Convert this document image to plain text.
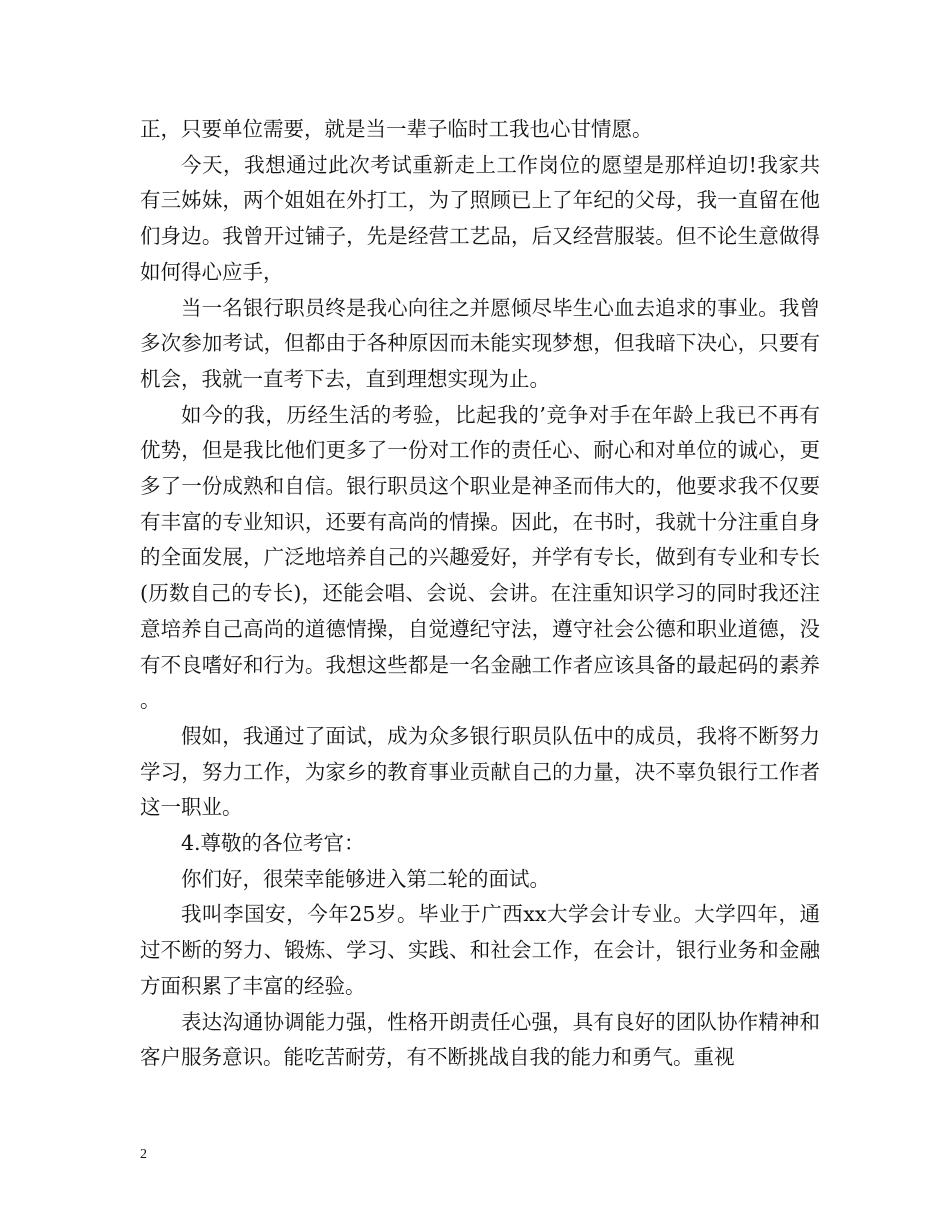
正，只要单位需要，就是当一辈子临时工我也心甘情愿。

今天，我想通过此次考试重新走上工作岗位的愿望是那样迫切!我家共有三姊妹，两个姐姐在外打工，为了照顾已上了年纪的父母，我一直留在他们身边。我曾开过铺子，先是经营工艺品，后又经营服装。但不论生意做得如何得心应手，

当一名银行职员终是我心向往之并愿倾尽毕生心血去追求的事业。我曾多次参加考试，但都由于各种原因而未能实现梦想，但我暗下决心，只要有机会，我就一直考下去，直到理想实现为止。

如今的我，历经生活的考验，比起我的’竞争对手在年龄上我已不再有优势，但是我比他们更多了一份对工作的责任心、耐心和对单位的诚心，更多了一份成熟和自信。银行职员这个职业是神圣而伟大的，他要求我不仅要有丰富的专业知识，还要有高尚的情操。因此，在书时，我就十分注重自身的全面发展，广泛地培养自己的兴趣爱好，并学有专长，做到有专业和专长(历数自己的专长)，还能会唱、会说、会讲。在注重知识学习的同时我还注意培养自己高尚的道德情操，自觉遵纪守法，遵守社会公德和职业道德，没有不良嗜好和行为。我想这些都是一名金融工作者应该具备的最起码的素养。

假如，我通过了面试，成为众多银行职员队伍中的成员，我将不断努力学习，努力工作，为家乡的教育事业贡献自己的力量，决不辜负银行工作者这一职业。

4.尊敬的各位考官：

你们好，很荣幸能够进入第二轮的面试。

我叫李国安，今年25岁。毕业于广西xx大学会计专业。大学四年，通过不断的努力、锻炼、学习、实践、和社会工作，在会计，银行业务和金融方面积累了丰富的经验。

表达沟通协调能力强，性格开朗责任心强，具有良好的团队协作精神和客户服务意识。能吃苦耐劳，有不断挑战自我的能力和勇气。重视

2
